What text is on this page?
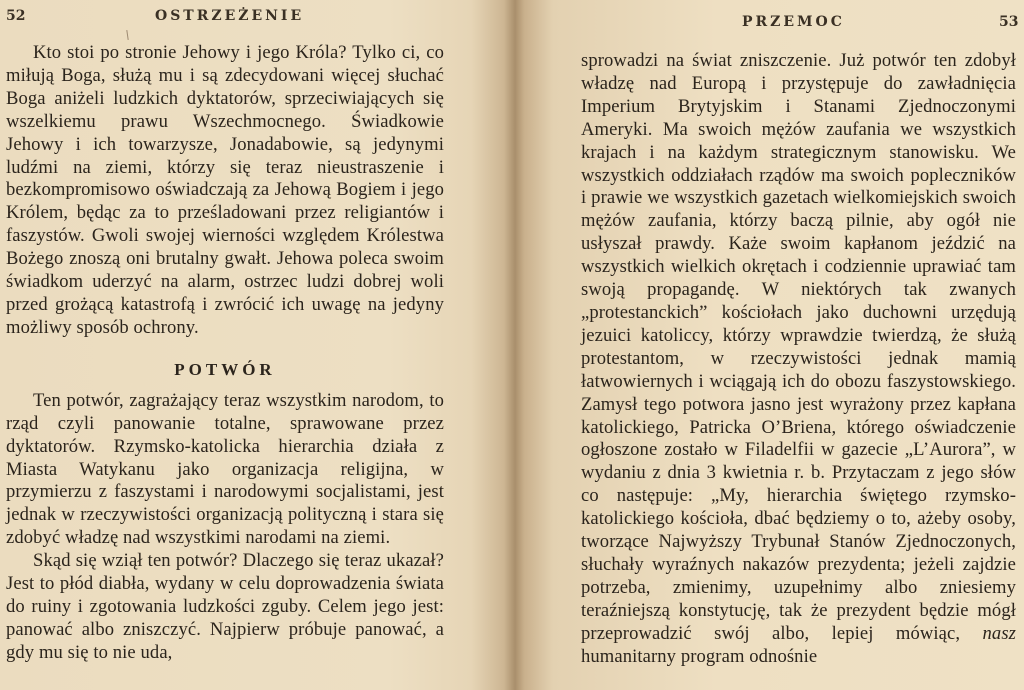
52	OSTRZEŻENIE

Kto stoi po stronie Jehowy i jego Króla? Tylko ci, co miłują Boga, służą mu i są zdecydowani więcej słuchać Boga aniżeli ludzkich dyktatorów, sprzeciwiających się wszelkiemu prawu Wszechmocnego. Świadkowie Jehowy i ich towarzysze, Jonadabowie, są jedynymi ludźmi na ziemi, którzy się teraz nieustraszenie i bezkompromisowo oświadczają za Jehową Bogiem i jego Królem, będąc za to prześladowani przez religiantów i faszystów. Gwoli swojej wierności względem Królestwa Bożego znoszą oni brutalny gwałt. Jehowa poleca swoim świadkom uderzyć na alarm, ostrzec ludzi dobrej woli przed grożącą katastrofą i zwrócić ich uwagę na jedyny możliwy sposób ochrony.

POTWÓR

Ten potwór, zagrażający teraz wszystkim narodom, to rząd czyli panowanie totalne, sprawowane przez dyktatorów. Rzymsko-katolicka hierarchia działa z Miasta Watykanu jako organizacja religijna, w przymierzu z faszystami i narodowymi socjalistami, jest jednak w rzeczywistości organizacją polityczną i stara się zdobyć władzę nad wszystkimi narodami na ziemi.

Skąd się wziął ten potwór? Dlaczego się teraz ukazał? Jest to płód diabła, wydany w celu doprowadzenia świata do ruiny i zgotowania ludzkości zguby. Celem jego jest: panować albo zniszczyć. Najpierw próbuje panować, a gdy mu się to nie uda,

PRZEMOC	53

sprowadzi na świat zniszczenie. Już potwór ten zdobył władzę nad Europą i przystępuje do zawładnięcia Imperium Brytyjskim i Stanami Zjednoczonymi Ameryki. Ma swoich mężów zaufania we wszystkich krajach i na każdym strategicznym stanowisku. We wszystkich oddziałach rządów ma swoich popleczników i prawie we wszystkich gazetach wielkomiejskich swoich mężów zaufania, którzy baczą pilnie, aby ogół nie usłyszał prawdy. Każe swoim kapłanom jeździć na wszystkich wielkich okrętach i codziennie uprawiać tam swoją propagandę. W niektórych tak zwanych „protestanckich” kościołach jako duchowni urzędują jezuici katoliccy, którzy wprawdzie twierdzą, że służą protestantom, w rzeczywistości jednak mamią łatwowiernych i wciągają ich do obozu faszystowskiego. Zamysł tego potwora jasno jest wyrażony przez kapłana katolickiego, Patricka O’Briena, którego oświadczenie ogłoszone zostało w Filadelfii w gazecie „L’Aurora”, w wydaniu z dnia 3 kwietnia r. b. Przytaczam z jego słów co następuje: „My, hierarchia świętego rzymsko-katolickiego kościoła, dbać będziemy o to, ażeby osoby, tworzące Najwyższy Trybunał Stanów Zjednoczonych, słuchały wyraźnych nakazów prezydenta; jeżeli zajdzie potrzeba, zmienimy, uzupełnimy albo zniesiemy teraźniejszą konstytucję, tak że prezydent będzie mógł przeprowadzić swój albo, lepiej mówiąc, nasz humanitarny program odnośnie
